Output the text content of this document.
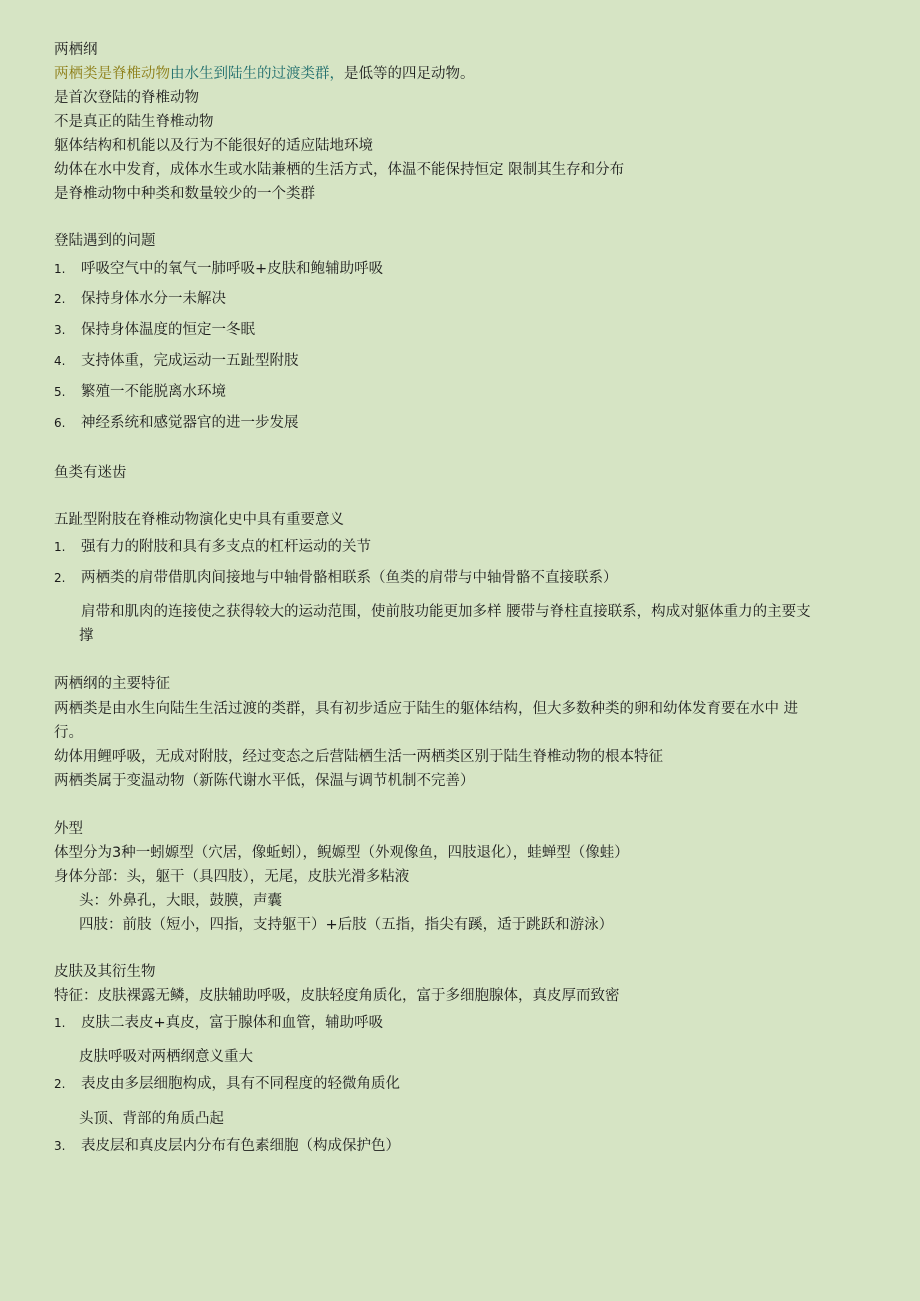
两栖纲
两栖类是脊椎动物由水生到陆生的过渡类群，是低等的四足动物。
是首次登陆的脊椎动物
不是真正的陆生脊椎动物
躯体结构和机能以及行为不能很好的适应陆地环境
幼体在水中发育，成体水生或水陆兼栖的生活方式，体温不能保持恒定 限制其生存和分布
是脊椎动物中种类和数量较少的一个类群
登陆遇到的问题
1. 呼吸空气中的氧气一肺呼吸+皮肤和鲍辅助呼吸
2. 保持身体水分一未解决
3. 保持身体温度的恒定一冬眠
4. 支持体重，完成运动一五趾型附肢
5. 繁殖一不能脱离水环境
6. 神经系统和感觉器官的进一步发展
鱼类有迷齿
五趾型附肢在脊椎动物演化史中具有重要意义
1. 强有力的附肢和具有多支点的杠杆运动的关节
2. 两栖类的肩带借肌肉间接地与中轴骨骼相联系（鱼类的肩带与中轴骨骼不直接联系）
肩带和肌肉的连接使之获得较大的运动范围，使前肢功能更加多样 腰带与脊柱直接联系，构成对躯体重力的主要支
撑
两栖纲的主要特征
两栖类是由水生向陆生生活过渡的类群，具有初步适应于陆生的躯体结构，但大多数种类的卵和幼体发育要在水中 进
行。
幼体用鲤呼吸，无成对附肢，经过变态之后营陆栖生活一两栖类区别于陆生脊椎动物的根本特征
两栖类属于变温动物（新陈代谢水平低，保温与调节机制不完善）
外型
体型分为3种一蚓嫄型（穴居，像蚯蚓），鲵嫄型（外观像鱼，四肢退化），蛙蝉型（像蛙）
身体分部：头，躯干（具四肢），无尾，皮肤光滑多粘液
头：外鼻孔，大眼，鼓膜，声囊
四肢：前肢（短小，四指，支持躯干）+后肢（五指，指尖有蹊，适于跳跃和游泳）
皮肤及其衍生物
特征：皮肤裸露无鳞，皮肤辅助呼吸，皮肤轻度角质化，富于多细胞腺体，真皮厚而致密
1. 皮肤二表皮+真皮，富于腺体和血管，辅助呼吸
皮肤呼吸对两栖纲意义重大
2. 表皮由多层细胞构成，具有不同程度的轻微角质化
头顶、背部的角质凸起
3. 表皮层和真皮层内分布有色素细胞（构成保护色）
